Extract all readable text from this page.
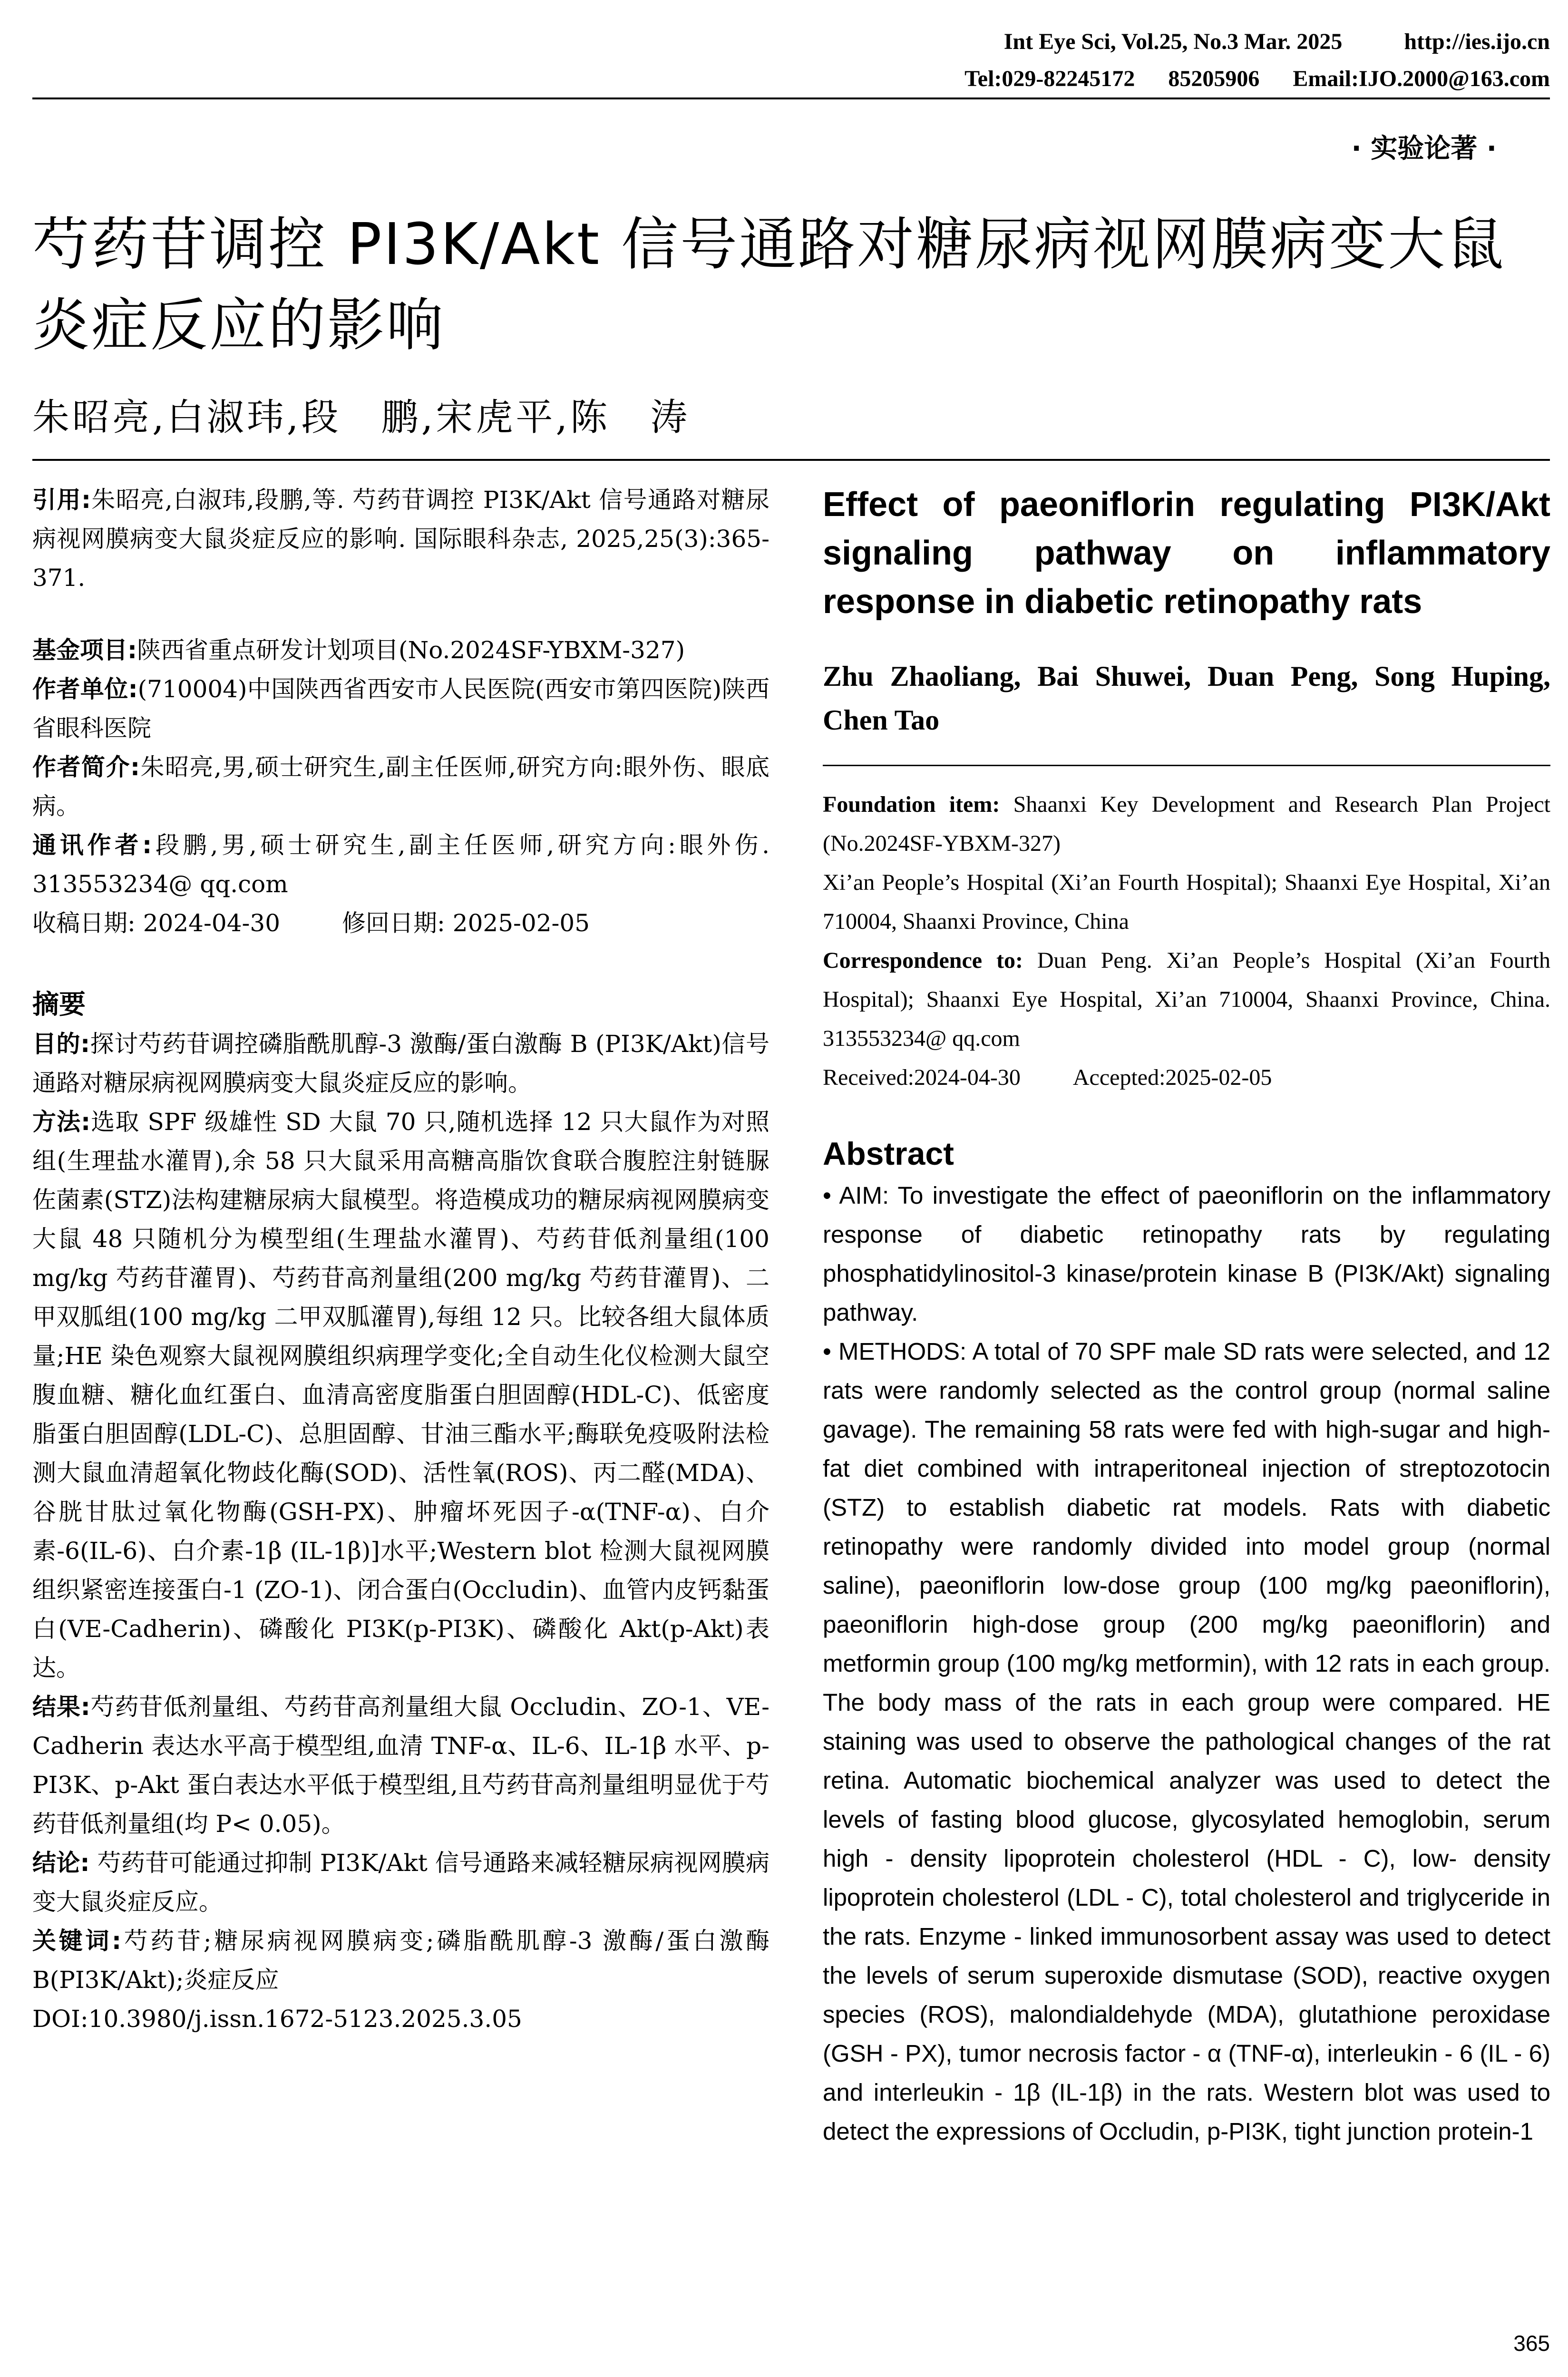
Int Eye Sci, Vol.25, No.3 Mar. 2025	http://ies.ijo.cn
Tel:029-82245172 85205906 Email:IJO.2000@163.com
· 实验论著 ·
芍药苷调控 PI3K/Akt 信号通路对糖尿病视网膜病变大鼠炎症反应的影响
朱昭亮,白淑玮,段　鹏,宋虎平,陈　涛

引用:朱昭亮,白淑玮,段鹏,等. 芍药苷调控 PI3K/Akt 信号通路对糖尿病视网膜病变大鼠炎症反应的影响. 国际眼科杂志, 2025,25(3):365-371.

基金项目:陕西省重点研发计划项目(No.2024SF-YBXM-327)

作者单位:(710004)中国陕西省西安市人民医院(西安市第四医院)陕西省眼科医院

作者简介:朱昭亮,男,硕士研究生,副主任医师,研究方向:眼外伤、眼底病。

通讯作者:段鹏,男,硕士研究生,副主任医师,研究方向:眼外伤. 313553234@ qq.com

收稿日期: 2024-04-30	修回日期: 2025-02-05

摘要

目的:探讨芍药苷调控磷脂酰肌醇-3 激酶/蛋白激酶 B (PI3K/Akt)信号通路对糖尿病视网膜病变大鼠炎症反应的影响。

方法:选取 SPF 级雄性 SD 大鼠 70 只,随机选择 12 只大鼠作为对照组(生理盐水灌胃),余 58 只大鼠采用高糖高脂饮食联合腹腔注射链脲佐菌素(STZ)法构建糖尿病大鼠模型。将造模成功的糖尿病视网膜病变大鼠 48 只随机分为模型组(生理盐水灌胃)、芍药苷低剂量组(100 mg/kg 芍药苷灌胃)、芍药苷高剂量组(200 mg/kg 芍药苷灌胃)、二甲双胍组(100 mg/kg 二甲双胍灌胃),每组 12 只。比较各组大鼠体质量;HE 染色观察大鼠视网膜组织病理学变化;全自动生化仪检测大鼠空腹血糖、糖化血红蛋白、血清高密度脂蛋白胆固醇(HDL-C)、低密度脂蛋白胆固醇(LDL-C)、总胆固醇、甘油三酯水平;酶联免疫吸附法检测大鼠血清超氧化物歧化酶(SOD)、活性氧(ROS)、丙二醛(MDA)、谷胱甘肽过氧化物酶(GSH-PX)、肿瘤坏死因子-α(TNF-α)、白介素-6(IL-6)、白介素-1β (IL-1β)]水平;Western blot 检测大鼠视网膜组织紧密连接蛋白-1 (ZO-1)、闭合蛋白(Occludin)、血管内皮钙黏蛋白(VE-Cadherin)、磷酸化 PI3K(p-PI3K)、磷酸化 Akt(p-Akt)表达。

结果:芍药苷低剂量组、芍药苷高剂量组大鼠 Occludin、ZO-1、VE-Cadherin 表达水平高于模型组,血清 TNF-α、IL-6、IL-1β 水平、p-PI3K、p-Akt 蛋白表达水平低于模型组,且芍药苷高剂量组明显优于芍药苷低剂量组(均 P< 0.05)。

结论: 芍药苷可能通过抑制 PI3K/Akt 信号通路来减轻糖尿病视网膜病变大鼠炎症反应。

关键词:芍药苷;糖尿病视网膜病变;磷脂酰肌醇-3 激酶/蛋白激酶 B(PI3K/Akt);炎症反应

DOI:10.3980/j.issn.1672-5123.2025.3.05

Effect of paeoniflorin regulating PI3K/Akt signaling pathway on inflammatory response in diabetic retinopathy rats

Zhu Zhaoliang, Bai Shuwei, Duan Peng, Song Huping, Chen Tao

Foundation item: Shaanxi Key Development and Research Plan Project (No.2024SF-YBXM-327)

Xi’an People’s Hospital (Xi’an Fourth Hospital); Shaanxi Eye Hospital, Xi’an 710004, Shaanxi Province, China

Correspondence to: Duan Peng. Xi’an People’s Hospital (Xi’an Fourth Hospital); Shaanxi Eye Hospital, Xi’an 710004, Shaanxi Province, China. 313553234@ qq.com

Received:2024-04-30 Accepted:2025-02-05

Abstract

• AIM: To investigate the effect of paeoniflorin on the inflammatory response of diabetic retinopathy rats by regulating phosphatidylinositol-3 kinase/protein kinase B (PI3K/Akt) signaling pathway.

• METHODS: A total of 70 SPF male SD rats were selected, and 12 rats were randomly selected as the control group (normal saline gavage). The remaining 58 rats were fed with high-sugar and high-fat diet combined with intraperitoneal injection of streptozotocin (STZ) to establish diabetic rat models. Rats with diabetic retinopathy were randomly divided into model group (normal saline), paeoniflorin low-dose group (100 mg/kg paeoniflorin), paeoniflorin high-dose group (200 mg/kg paeoniflorin) and metformin group (100 mg/kg metformin), with 12 rats in each group. The body mass of the rats in each group were compared. HE staining was used to observe the pathological changes of the rat retina. Automatic biochemical analyzer was used to detect the levels of fasting blood glucose, glycosylated hemoglobin, serum high - density lipoprotein cholesterol (HDL - C), low- density lipoprotein cholesterol (LDL - C), total cholesterol and triglyceride in the rats. Enzyme - linked immunosorbent assay was used to detect the levels of serum superoxide dismutase (SOD), reactive oxygen species (ROS), malondialdehyde (MDA), glutathione peroxidase (GSH - PX), tumor necrosis factor - α (TNF-α), interleukin - 6 (IL - 6) and interleukin - 1β (IL-1β) in the rats. Western blot was used to detect the expressions of Occludin, p-PI3K, tight junction protein-1

365
